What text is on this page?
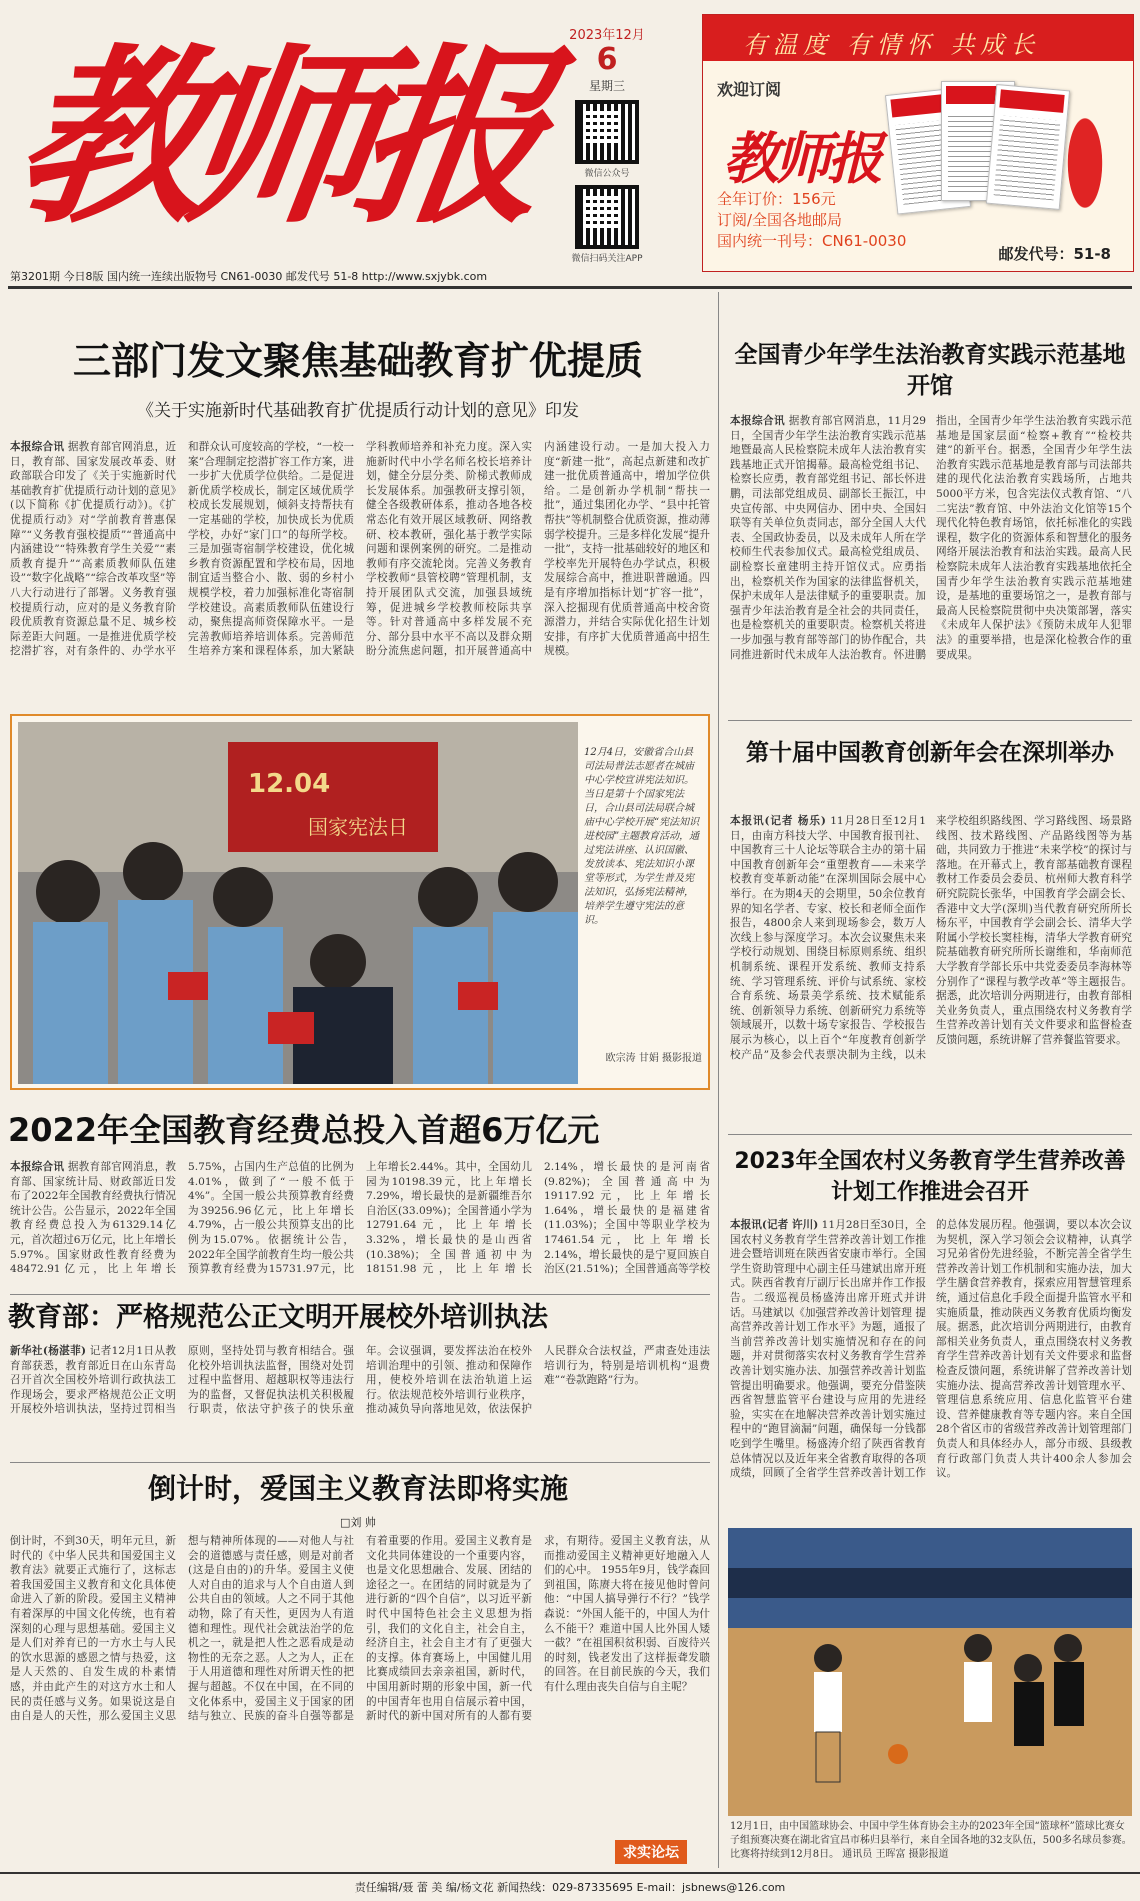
教师报	2023年12月
6
星期三
微信公众号
微信扫码关注APP
有温度 有情怀 共成长
欢迎订阅
教师报
全年订价：156元
订阅/全国各地邮局
国内统一刊号：CN61-0030
邮发代号：51-8
第3201期 今日8版 国内统一连续出版物号 CN61-0030 邮发代号 51-8 http://www.sxjybk.com
三部门发文聚焦基础教育扩优提质
《关于实施新时代基础教育扩优提质行动计划的意见》印发
本报综合讯 据教育部官网消息，近日，教育部、国家发展改革委、财政部联合印发了《关于实施新时代基础教育扩优提质行动计划的意见》(以下简称《扩优提质行动》)。《扩优提质行动》对“学前教育普惠保障”“义务教育强校提质”“普通高中内涵建设”“特殊教育学生关爱”“素质教育提升”“高素质教师队伍建设”“数字化战略”“综合改革攻坚”等八大行动进行了部署。义务教育强校提质行动，应对的是义务教育阶段优质教育资源总量不足、城乡校际差距大问题。一是推进优质学校挖潜扩容，对有条件的、办学水平和群众认可度较高的学校，“一校一案”合理制定挖潜扩容工作方案，进一步扩大优质学位供给。二是促进新优质学校成长，制定区域优质学校成长发展规划，倾斜支持帮扶有一定基础的学校，加快成长为优质学校，办好“家门口”的每所学校。三是加强寄宿制学校建设，优化城乡教育资源配置和学校布局，因地制宜适当整合小、散、弱的乡村小规模学校，着力加强标准化寄宿制学校建设。高素质教师队伍建设行动，聚焦提高师资保障水平。一是完善教师培养培训体系。完善师范生培养方案和课程体系，加大紧缺学科教师培养和补充力度。深入实施新时代中小学名师名校长培养计划，健全分层分类、阶梯式教师成长发展体系。加强教研支撑引领，健全各级教研体系，推动各地各校常态化有效开展区域教研、网络教研、校本教研，强化基于教学实际问题和课例案例的研究。二是推动教师有序交流轮岗。完善义务教育学校教师“县管校聘”管理机制，支持开展团队式交流，加强县域统筹，促进城乡学校教师校际共享等。针对普通高中多样发展不充分、部分县中水平不高以及群众期盼分流焦虑问题，扣开展普通高中内涵建设行动。一是加大投入力度“新建一批”，高起点新建和改扩建一批优质普通高中，增加学位供给。二是创新办学机制“帮扶一批”，通过集团化办学、“县中托管帮扶”等机制整合优质资源，推动薄弱学校提升。三是多样化发展“提升一批”，支持一批基础较好的地区和学校率先开展特色办学试点，积极发展综合高中，推进职普融通。四是有序增加指标计划“扩容一批”，深入挖掘现有优质普通高中校舍资源潜力，并结合实际优化招生计划安排，有序扩大优质普通高中招生规模。
12.04
国家宪法日
12月4日，安徽省合山县司法局普法志愿者在城庙中心学校宣讲宪法知识。当日是第十个国家宪法日，合山县司法局联合城庙中心学校开展“宪法知识进校园”主题教育活动，通过宪法讲座、认识国徽、发放读本、宪法知识小课堂等形式，为学生普及宪法知识，弘扬宪法精神，培养学生遵守宪法的意识。
欧宗涛 甘娟 摄影报道
2022年全国教育经费总投入首超6万亿元
本报综合讯 据教育部官网消息，教育部、国家统计局、财政部近日发布了2022年全国教育经费执行情况统计公告。公告显示，2022年全国教育经费总投入为61329.14亿元，首次超过6万亿元，比上年增长5.97%。国家财政性教育经费为48472.91亿元，比上年增长5.75%，占国内生产总值的比例为4.01%，做到了“一般不低于4%”。全国一般公共预算教育经费为39256.96亿元，比上年增长4.79%，占一般公共预算支出的比例为15.07%。依据统计公告，2022年全国学前教育生均一般公共预算教育经费为15731.97元，比上年增长2.44%。其中，全国幼儿园为10198.39元，比上年增长7.29%，增长最快的是新疆维吾尔自治区(33.09%)；全国普通小学为12791.64元，比上年增长3.32%，增长最快的是山西省(10.38%)；全国普通初中为18151.98元，比上年增长2.14%，增长最快的是河南省(9.82%)；全国普通高中为19117.92元，比上年增长1.64%，增长最快的是福建省(11.03%)；全国中等职业学校为17461.54元，比上年增长2.14%，增长最快的是宁夏回族自治区(21.51%)；全国普通高等学校
教育部：严格规范公正文明开展校外培训执法
新华社(杨湛菲) 记者12月1日从教育部获悉，教育部近日在山东青岛召开首次全国校外培训行政执法工作现场会，要求严格规范公正文明开展校外培训执法，坚持过罚相当原则，坚持处罚与教育相结合。强化校外培训执法监督，围绕对处罚过程中监督用、超越职权等违法行为的监督，又督促执法机关积极履行职责，依法守护孩子的快乐童年。会议强调，要发挥法治在校外培训治理中的引领、推动和保障作用，使校外培训在法治轨道上运行。依法规范校外培训行业秩序，推动减负导向落地见效，依法保护人民群众合法权益，严肃查处违法培训行为，特别是培训机构“退费难”“卷款跑路”行为。
倒计时，爱国主义教育法即将实施
□刘 帅
倒计时，不到30天，明年元旦，新时代的《中华人民共和国爱国主义教育法》就要正式施行了，这标志着我国爱国主义教育和文化具体使命进入了新的阶段。爱国主义精神有着深厚的中国文化传统，也有着深刻的心理与思想基础。爱国主义是人们对养育已的一方水土与人民的饮水思源的感恩之情与热爱，这是人天然的、自发生成的朴素情感，并由此产生的对这方水土和人民的责任感与义务。如果说这是自由自是人的天性，那么爱国主义思想与精神所体现的——对他人与社会的道德感与责任感，则是对前者(这是自由的)的升华。爱国主义使人对自由的追求与人个自由道人到公共自由的领域。人之不同于其他动物，除了有天性，更因为人有道德和理性。现代社会就法治学的危机之一，就是把人性之恶看成是动物性的无奈之恶。人之为人，正在于人用道德和理性对所谓天性的把握与超越。不仅在中国，在不同的文化体系中，爱国主义于国家的团结与独立、民族的奋斗自强等都是有着重要的作用。爱国主义教育是文化共同体建设的一个重要内容，也是文化思想融合、发展、团结的途径之一。在团结的同时就是为了进行新的“四个自信”，以习近平新时代中国特色社会主义思想为指引，我们的文化自主，社会自主，经济自主，社会自主才有了更强大的支撑。体育赛场上，中国健儿用比赛成绩回去亲亲祖国，新时代，中国用新时期的形象中国，新一代的中国青年也用自信展示着中国，新时代的新中国对所有的人都有要求，有期待。爱国主义教育法，从而推动爱国主义精神更好地融入人们的心中。 1955年9月，钱学森回到祖国，陈赓大将在接见他时曾问他：“中国人搞导弹行不行？”钱学森说：“外国人能干的，中国人为什么不能干？难道中国人比外国人矮一截？”在祖国积贫积弱、百废待兴的时刻，钱老发出了这样振聋发聩的回答。在目前民族的今天，我们有什么理由丧失自信与自主呢？
求实论坛
全国青少年学生法治教育实践示范基地开馆
本报综合讯 据教育部官网消息，11月29日，全国青少年学生法治教育实践示范基地暨最高人民检察院未成年人法治教育实践基地正式开馆揭幕。最高检党组书记、检察长应勇，教育部党组书记、部长怀进鹏，司法部党组成员、副部长王振江，中央宣传部、中央网信办、团中央、全国妇联等有关单位负责同志，部分全国人大代表、全国政协委员，以及未成年人所在学校师生代表参加仪式。最高检党组成员、副检察长童建明主持开馆仪式。应勇指出，检察机关作为国家的法律监督机关，保护未成年人是法律赋予的重要职责。加强青少年法治教育是全社会的共同责任，也是检察机关的重要职责。检察机关将进一步加强与教育部等部门的协作配合，共同推进新时代未成年人法治教育。怀进鹏指出，全国青少年学生法治教育实践示范基地是国家层面“检察+教育”“检校共建”的新平台。据悉，全国青少年学生法治教育实践示范基地是教育部与司法部共建的现代化法治教育实践场所，占地共5000平方米，包含宪法仪式教育馆、“八二宪法”教育馆、中外法治文化馆等15个现代化特色教育场馆，依托标准化的实践课程，数字化的资源体系和智慧化的服务网络开展法治教育和法治实践。最高人民检察院未成年人法治教育实践基地依托全国青少年学生法治教育实践示范基地建设，是基地的重要场馆之一，是教育部与最高人民检察院贯彻中央决策部署，落实《未成年人保护法》《预防未成年人犯罪法》的重要举措，也是深化检教合作的重要成果。
第十届中国教育创新年会在深圳举办
本报讯(记者 杨乐) 11月28日至12月1日，由南方科技大学、中国教育报刊社、中国教育三十人论坛等联合主办的第十届中国教育创新年会“重塑教育——未来学校教育变革新动能”在深圳国际会展中心举行。在为期4天的会期里，50余位教育界的知名学者、专家、校长和老师全面作报告，4800余人来到现场参会，数万人次线上参与深度学习。本次会议聚焦未来学校行动规划、围绕目标原则系统、组织机制系统、课程开发系统、教师支持系统、学习管理系统、评价与试系统、家校合育系统、场景美学系统、技术赋能系统、创新领导力系统、创新研究力系统等领域展开，以数十场专家报告、学校报告展示为核心，以上百个“年度教育创新学校产品”及参会代表票决制为主线，以未来学校组织路线图、学习路线图、场景路线图、技术路线图、产品路线图等为基础，共同致力于推进“未来学校”的探讨与落地。在开幕式上，教育部基础教育课程教材工作委员会委员、杭州师大教育科学研究院院长张华，中国教育学会副会长、香港中文大学(深圳)当代教育研究所所长杨东平，中国教育学会副会长、清华大学附属小学校长窦桂梅，清华大学教育研究院基础教育研究所所长谢维和，华南师范大学教育学部长乐中共党委委员李海林等分别作了“课程与教学改革”等主题报告。据悉，此次培训分两期进行，由教育部相关业务负责人，重点围绕农村义务教育学生营养改善计划有关文件要求和监督检查反馈问题，系统讲解了营养餐监管要求。
2023年全国农村义务教育学生营养改善计划工作推进会召开
本报讯(记者 许川) 11月28日至30日，全国农村义务教育学生营养改善计划工作推进会暨培训班在陕西省安康市举行。全国学生资助管理中心副主任马建斌出席开班式。陕西省教育厅副厅长出席并作工作报告。二级巡视员杨盛涛出席开班式并讲话。马建斌以《加强营养改善计划管理 提高营养改善计划工作水平》为题，通报了当前营养改善计划实施情况和存在的问题，并对贯彻落实农村义务教育学生营养改善计划实施办法、加强营养改善计划监管提出明确要求。他强调，要充分借鉴陕西省智慧监管平台建设与应用的先进经验，实实在在地解决营养改善计划实施过程中的“跑冒滴漏”问题，确保每一分钱都吃到学生嘴里。杨盛涛介绍了陕西省教育总体情况以及近年来全省教育取得的各项成绩，回顾了全省学生营养改善计划工作的总体发展历程。他强调，要以本次会议为契机，深入学习领会会议精神，认真学习兄弟省份先进经验，不断完善全省学生营养改善计划工作机制和实施办法，加大学生膳食营养教育，探索应用智慧管理系统，通过信息化手段全面提升监管水平和实施质量，推动陕西义务教育优质均衡发展。据悉，此次培训分两期进行，由教育部相关业务负责人，重点围绕农村义务教育学生营养改善计划有关文件要求和监督检查反馈问题，系统讲解了营养改善计划实施办法、提高营养改善计划管理水平、管理信息系统应用、信息化监管平台建设、营养健康教育等专题内容。来自全国28个省区市的省级营养改善计划管理部门负责人和具体经办人，部分市级、县级教育行政部门负责人共计400余人参加会议。
12月1日，由中国篮球协会、中国中学生体育协会主办的2023年全国“篮球杯”篮球比赛女子组预赛决赛在湖北省宜昌市秭归县举行，来自全国各地的32支队伍，500多名球员参赛。比赛将持续到12月8日。 通讯员 王晖富 摄影报道
责任编辑/聂 蕾 美 编/杨文花 新闻热线：029-87335695 E-mail：jsbnews@126.com
